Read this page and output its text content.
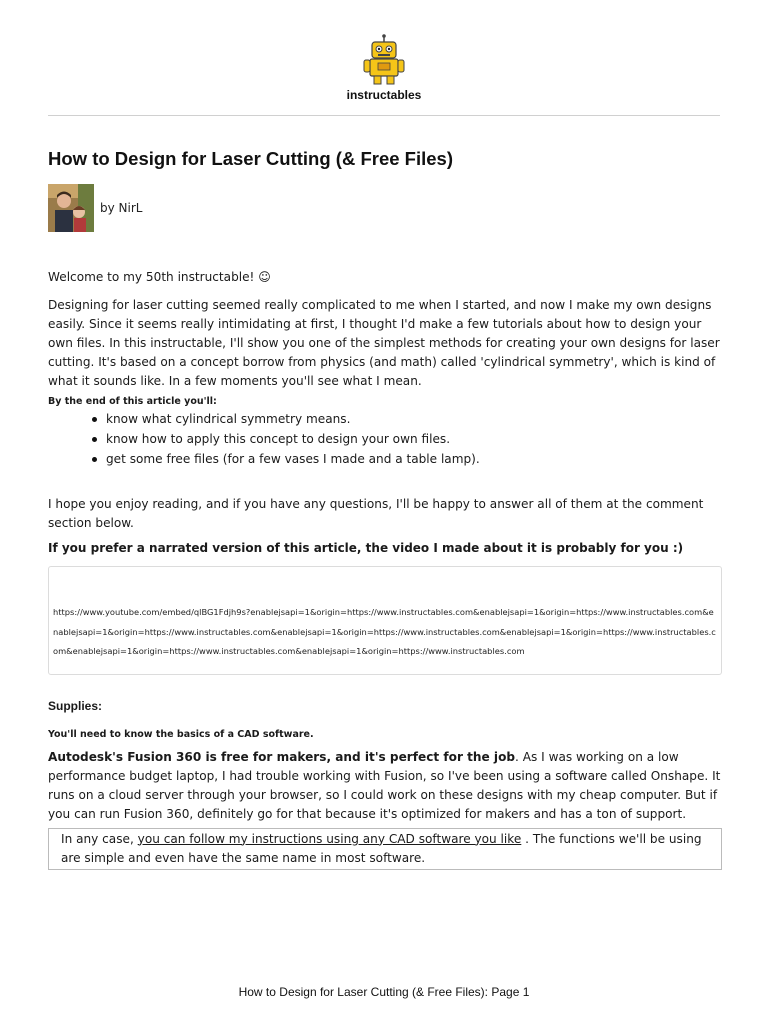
instructables
How to Design for Laser Cutting (& Free Files)
by NirL

Welcome to my 50th instructable! ☺

Designing for laser cutting seemed really complicated to me when I started, and now I make my own designs easily. Since it seems really intimidating at first, I thought I'd make a few tutorials about how to design your own files. In this instructable, I'll show you one of the simplest methods for creating your own designs for laser cutting. It's based on a concept borrow from physics (and math) called 'cylindrical symmetry', which is kind of what it sounds like. In a few moments you'll see what I mean.

By the end of this article you'll:

know what cylindrical symmetry means.
know how to apply this concept to design your own files.
get some free files (for a few vases I made and a table lamp).

I hope you enjoy reading, and if you have any questions, I'll be happy to answer all of them at the comment section below.

If you prefer a narrated version of this article, the video I made about it is probably for you :)

https://www.youtube.com/embed/qlBG1Fdjh9s?enablejsapi=1&origin=https://www.instructables.com&enablejsapi=1&origin=https://www.instructables.com&enablejsapi=1&origin=https://www.instructables.com&enablejsapi=1&origin=https://www.instructables.com&enablejsapi=1&origin=https://www.instructables.com&enablejsapi=1&origin=https://www.instructables.com&enablejsapi=1&origin=https://www.instructables.com

Supplies:

You'll need to know the basics of a CAD software.

Autodesk's Fusion 360 is free for makers, and it's perfect for the job. As I was working on a low performance budget laptop, I had trouble working with Fusion, so I've been using a software called Onshape. It runs on a cloud server through your browser, so I could work on these designs with my cheap computer. But if you can run Fusion 360, definitely go for that because it's optimized for makers and has a ton of support.

In any case, you can follow my instructions using any CAD software you like . The functions we'll be using are simple and even have the same name in most software.
How to Design for Laser Cutting (& Free Files): Page 1
